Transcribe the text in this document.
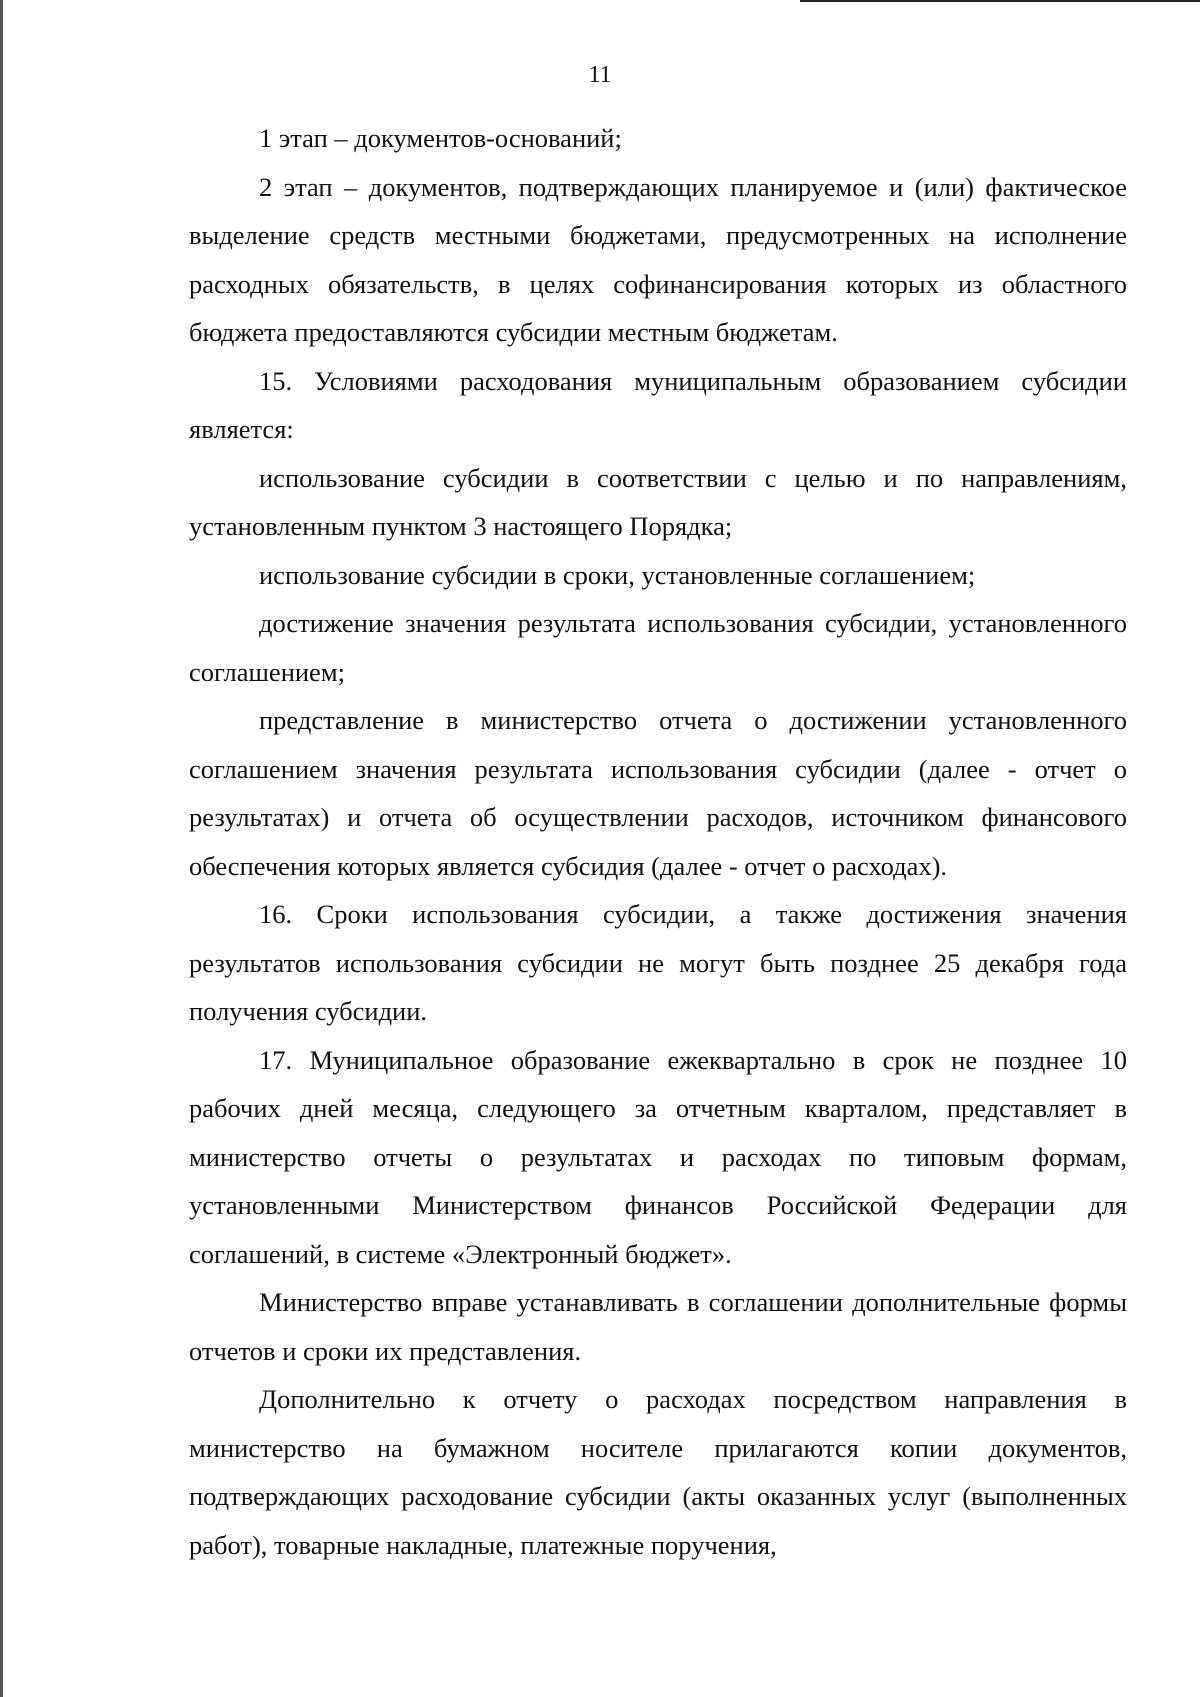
11

1 этап – документов-оснований;

2 этап – документов, подтверждающих планируемое и (или) фактическое выделение средств местными бюджетами, предусмотренных на исполнение расходных обязательств, в целях софинансирования которых из областного бюджета предоставляются субсидии местным бюджетам.

15. Условиями расходования муниципальным образованием субсидии является:

использование субсидии в соответствии с целью и по направлениям, установленным пунктом 3 настоящего Порядка;

использование субсидии в сроки, установленные соглашением;

достижение значения результата использования субсидии, установленного соглашением;

представление в министерство отчета о достижении установленного соглашением значения результата использования субсидии (далее - отчет о результатах) и отчета об осуществлении расходов, источником финансового обеспечения которых является субсидия (далее - отчет о расходах).

16. Сроки использования субсидии, а также достижения значения результатов использования субсидии не могут быть позднее 25 декабря года получения субсидии.

17. Муниципальное образование ежеквартально в срок не позднее 10 рабочих дней месяца, следующего за отчетным кварталом, представляет в министерство отчеты о результатах и расходах по типовым формам, установленными Министерством финансов Российской Федерации для соглашений, в системе «Электронный бюджет».

Министерство вправе устанавливать в соглашении дополнительные формы отчетов и сроки их представления.

Дополнительно к отчету о расходах посредством направления в министерство на бумажном носителе прилагаются копии документов, подтверждающих расходование субсидии (акты оказанных услуг (выполненных работ), товарные накладные, платежные поручения,
